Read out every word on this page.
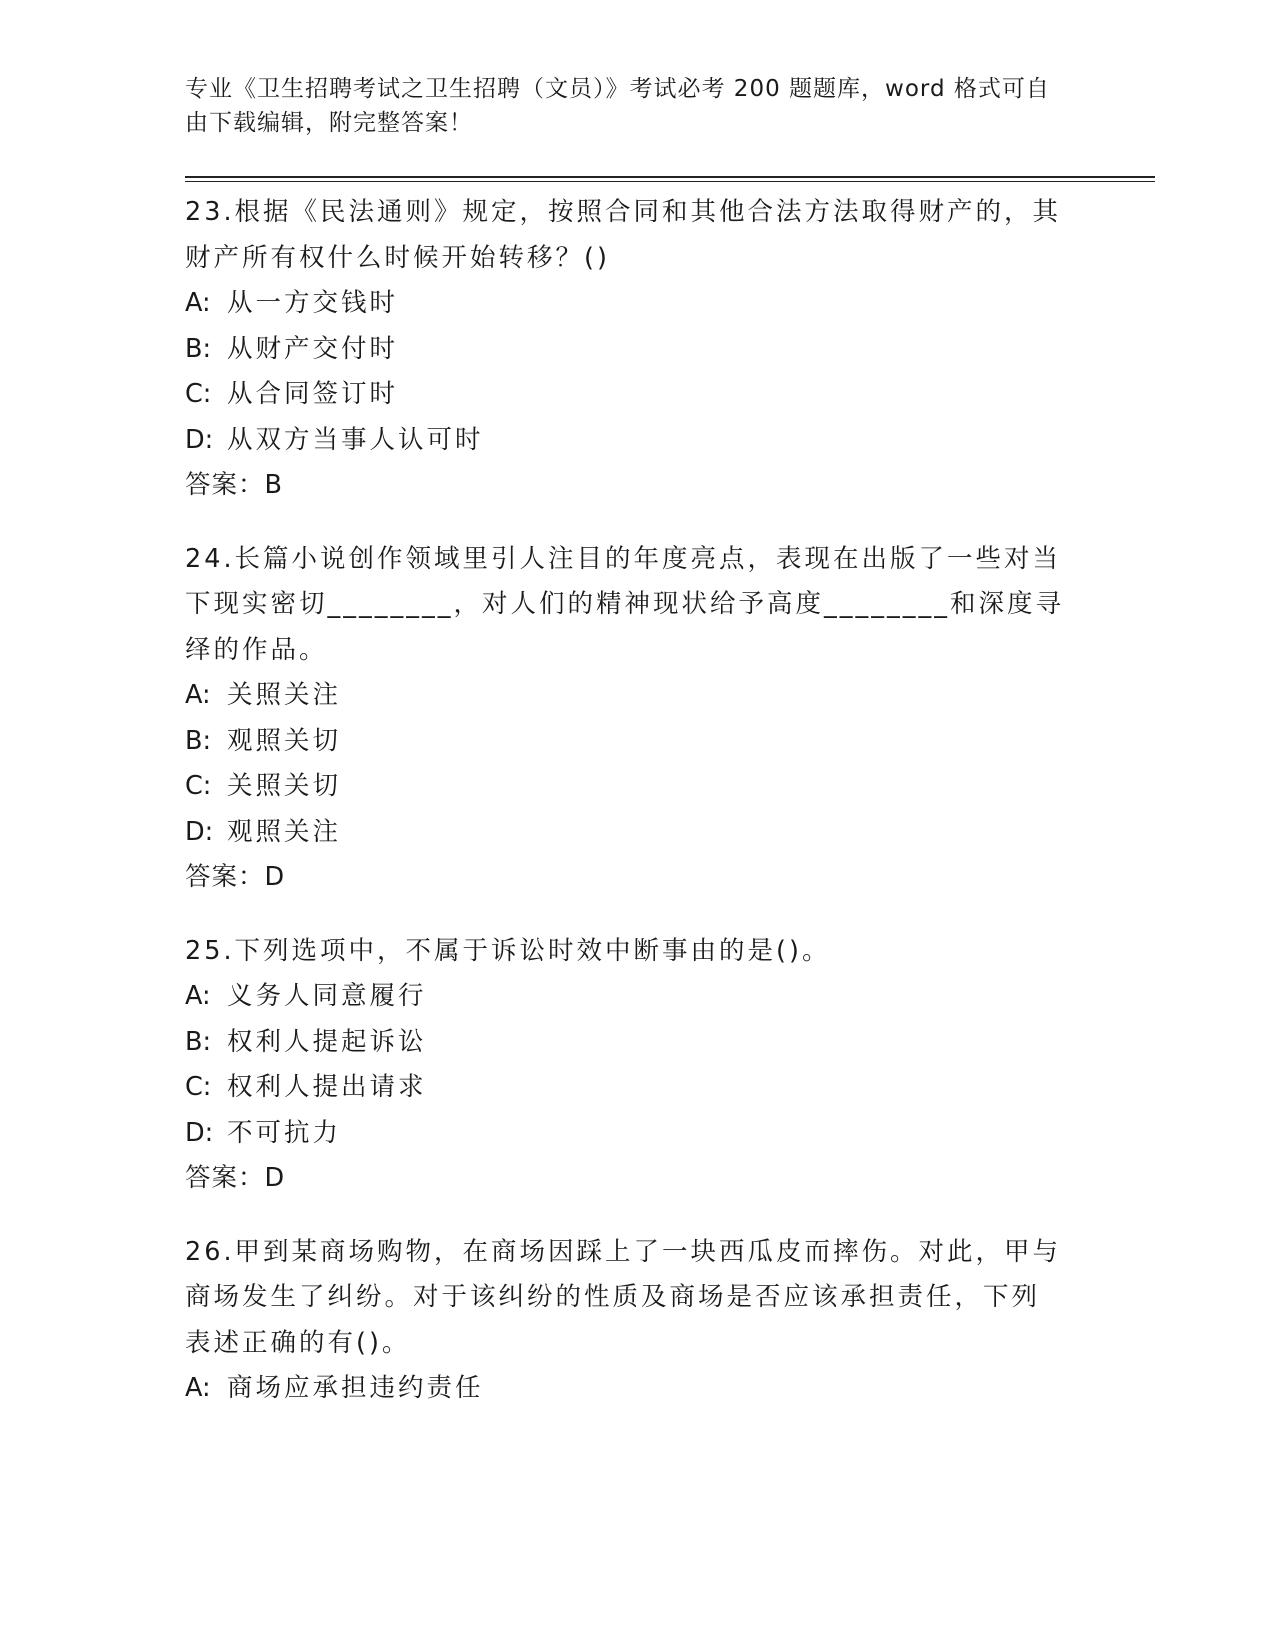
专业《卫生招聘考试之卫生招聘（文员）》考试必考 200 题题库，word 格式可自
由下载编辑，附完整答案！
23.根据《民法通则》规定，按照合同和其他合法方法取得财产的，其
财产所有权什么时候开始转移？()
A: 从一方交钱时
B: 从财产交付时
C: 从合同签订时
D: 从双方当事人认可时
答案：B
24.长篇小说创作领域里引人注目的年度亮点，表现在出版了一些对当
下现实密切________，对人们的精神现状给予高度________和深度寻
绎的作品。
A: 关照关注
B: 观照关切
C: 关照关切
D: 观照关注
答案：D
25.下列选项中，不属于诉讼时效中断事由的是()。
A: 义务人同意履行
B: 权利人提起诉讼
C: 权利人提出请求
D: 不可抗力
答案：D
26.甲到某商场购物，在商场因踩上了一块西瓜皮而摔伤。对此，甲与
商场发生了纠纷。对于该纠纷的性质及商场是否应该承担责任，下列
表述正确的有()。
A: 商场应承担违约责任
